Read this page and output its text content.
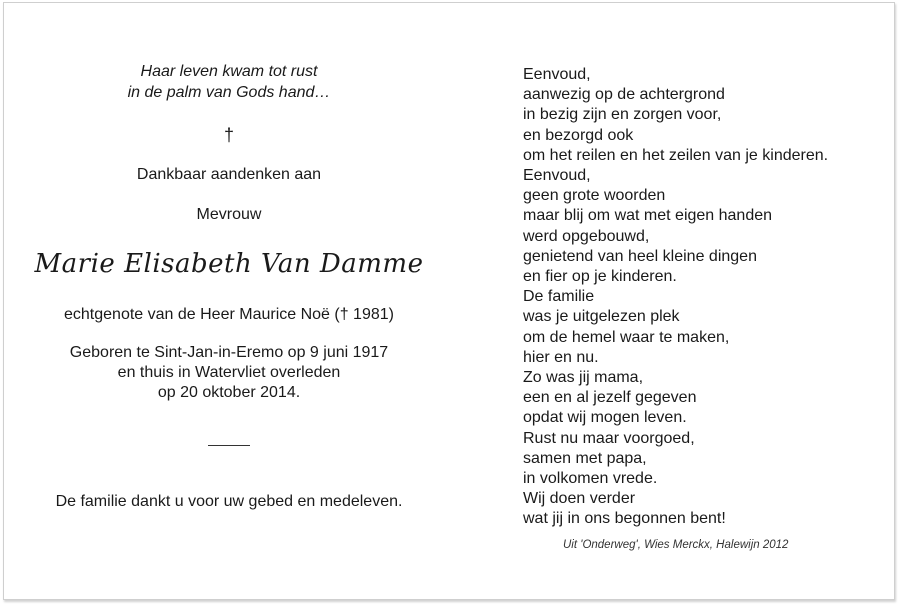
Haar leven kwam tot rust
in de palm van Gods hand…

†
Dankbaar aandenken aan
Mevrouw
Marie Elisabeth Van Damme
echtgenote van de Heer Maurice Noë († 1981)
Geboren te Sint-Jan-in-Eremo op 9 juni 1917
en thuis in Watervliet overleden
op 20 oktober 2014.
De familie dankt u voor uw gebed en medeleven.
Eenvoud,
aanwezig op de achtergrond
in bezig zijn en zorgen voor,
en bezorgd ook
om het reilen en het zeilen van je kinderen.
Eenvoud,
geen grote woorden
maar blij om wat met eigen handen
werd opgebouwd,
genietend van heel kleine dingen
en fier op je kinderen.
De familie
was je uitgelezen plek
om de hemel waar te maken,
hier en nu.
Zo was jij mama,
een en al jezelf gegeven
opdat wij mogen leven.
Rust nu maar voorgoed,
samen met papa,
in volkomen vrede.
Wij doen verder
wat jij in ons begonnen bent!
Uit 'Onderweg', Wies Merckx, Halewijn 2012
